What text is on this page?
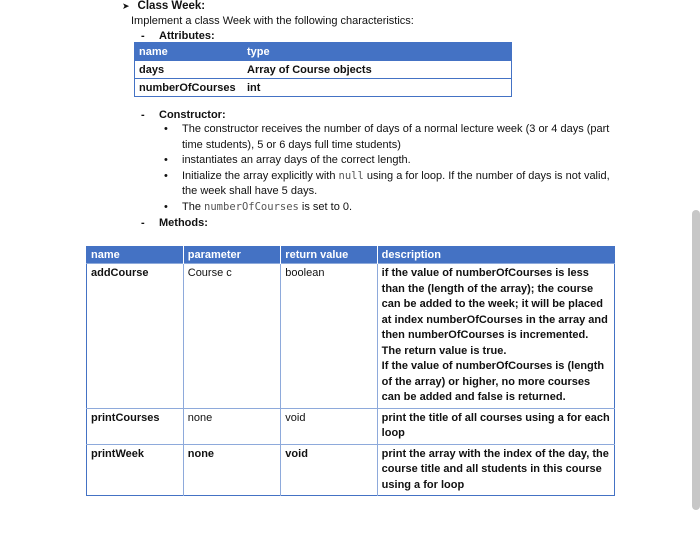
➤ Class Week:
Implement a class Week with the following characteristics:
- Attributes:
name	type
days	Array of Course objects
numberOfCourses	int
- Constructor:
• The constructor receives the number of days of a normal lecture week (3 or 4 days (part time students), 5 or 6 days full time students)
• instantiates an array days of the correct length.
• Initialize the array explicitly with null using a for loop. If the number of days is not valid, the week shall have 5 days.
• The numberOfCourses is set to 0.
- Methods:
name	parameter	return value	description
addCourse	Course c	boolean	if the value of numberOfCourses is less than the (length of the array); the course can be added to the week; it will be placed at index numberOfCourses in the array and then numberOfCourses is incremented. The return value is true.
If the value of numberOfCourses is (length of the array) or higher, no more courses can be added and false is returned.

printCourses	none	void	print the title of all courses using a for each loop
printWeek	none	void	print the array with the index of the day, the course title and all students in this course using a for loop
